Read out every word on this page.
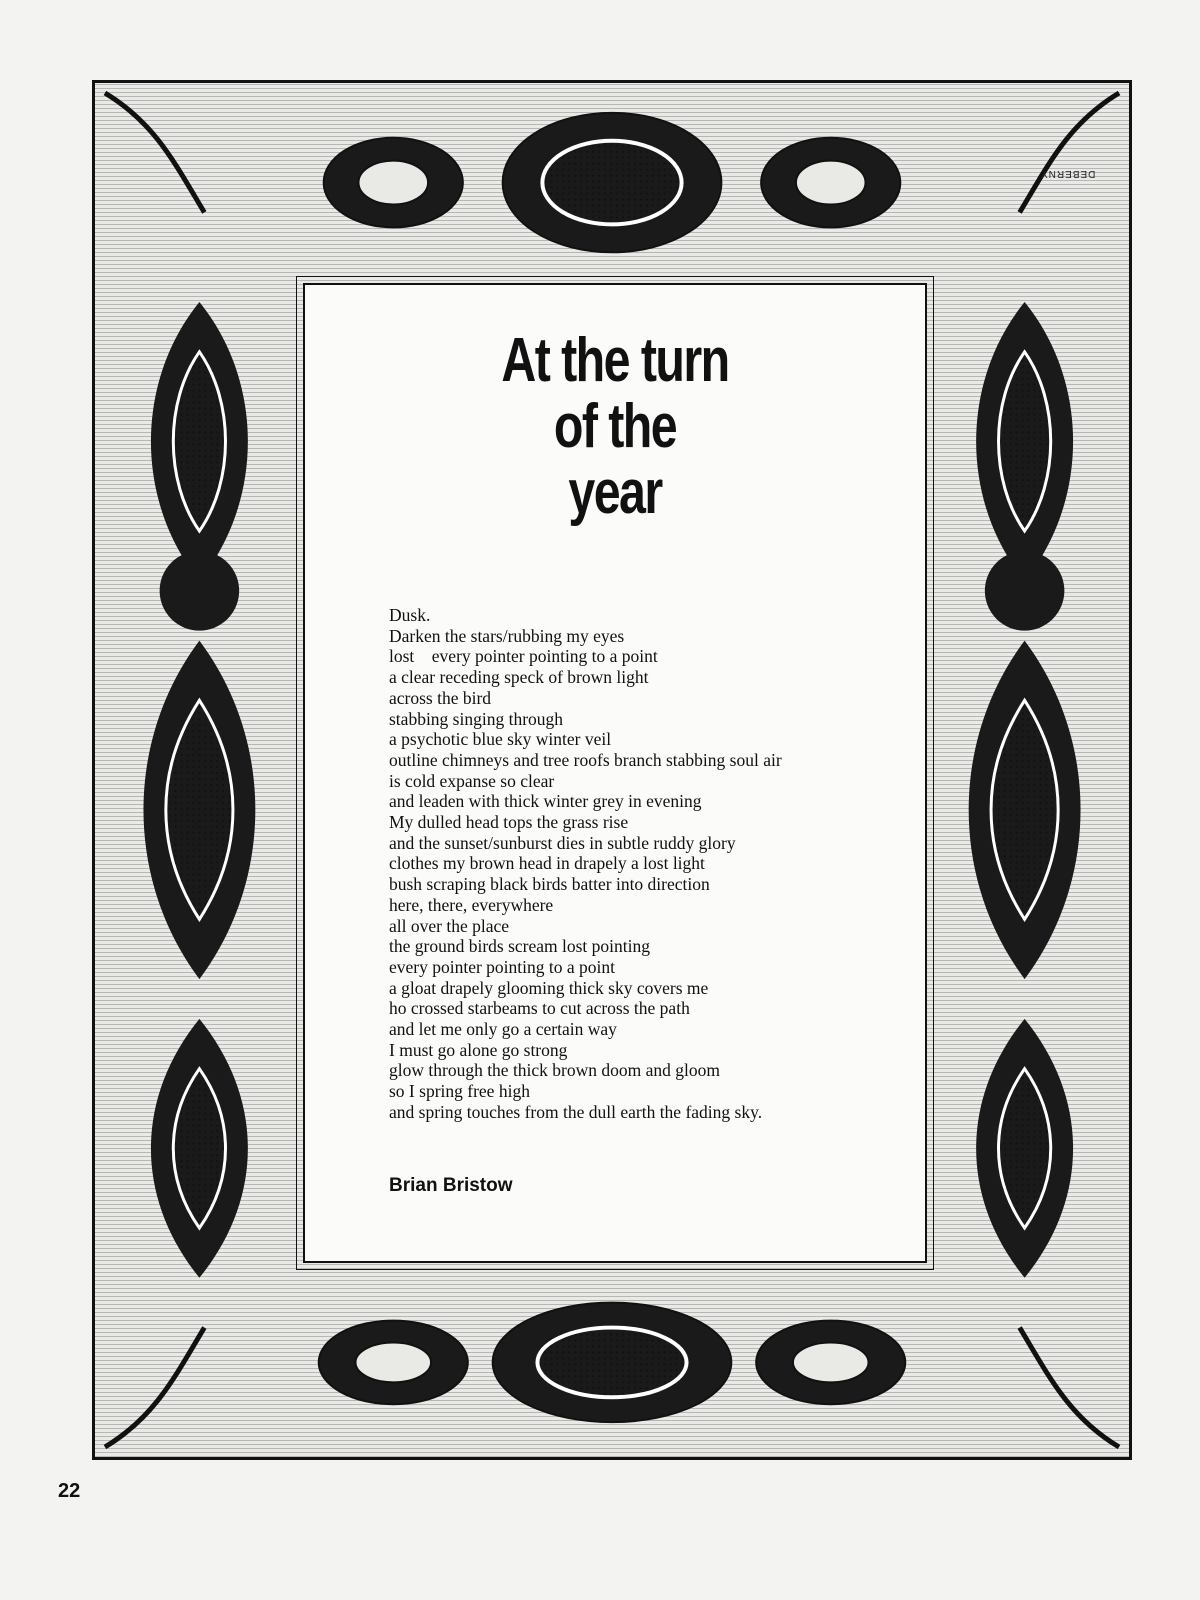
DEBERNY
At the turn
of the
year
Dusk.
Darken the stars/rubbing my eyes
lost    every pointer pointing to a point
a clear receding speck of brown light
across the bird
stabbing singing through
a psychotic blue sky winter veil
outline chimneys and tree roofs branch stabbing soul air
is cold expanse so clear
and leaden with thick winter grey in evening
My dulled head tops the grass rise
and the sunset/sunburst dies in subtle ruddy glory
clothes my brown head in drapely a lost light
bush scraping black birds batter into direction
here, there, everywhere
all over the place
the ground birds scream lost pointing
every pointer pointing to a point
a gloat drapely glooming thick sky covers me
ho crossed starbeams to cut across the path
and let me only go a certain way
I must go alone go strong
glow through the thick brown doom and gloom
so I spring free high
and spring touches from the dull earth the fading sky.
Brian Bristow
22
